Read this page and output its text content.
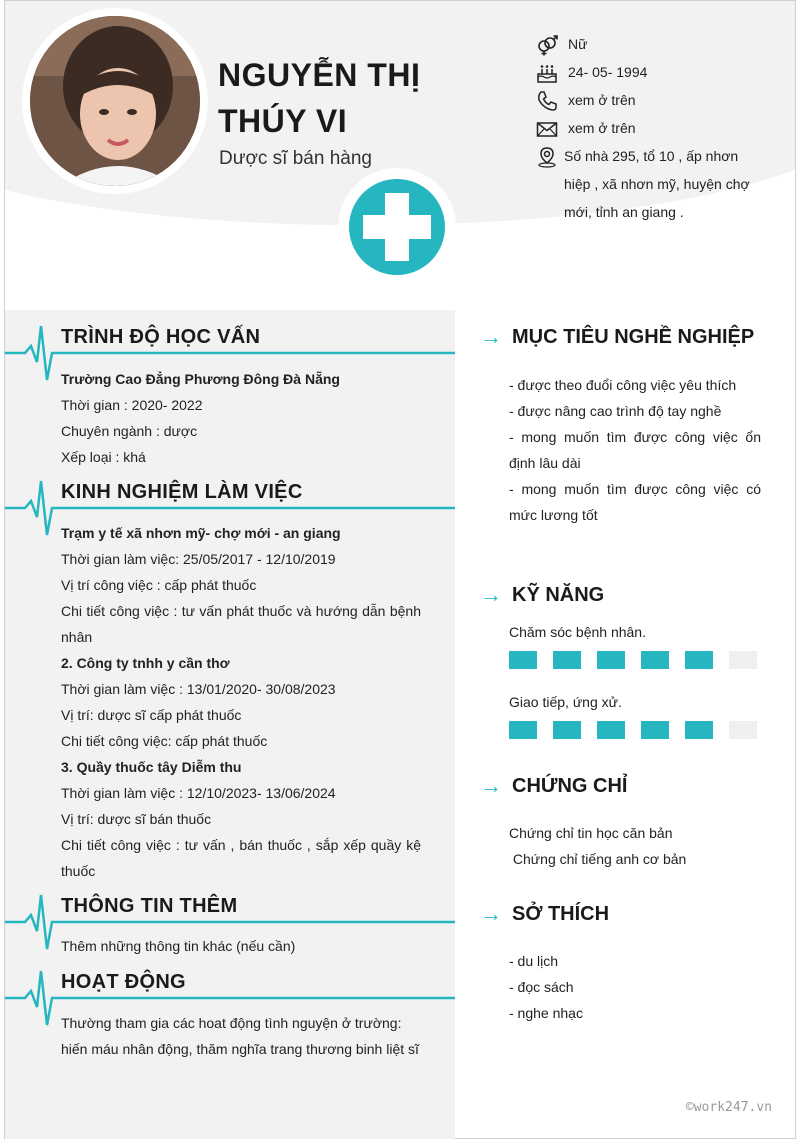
NGUYỄN THỊ THÚY VI
Dược sĩ bán hàng
Nữ
24- 05- 1994
xem ở trên
xem ở trên
Số nhà 295, tổ 10 , ấp nhơn hiệp , xã nhơn mỹ, huyện chợ mới, tỉnh an giang .
TRÌNH ĐỘ HỌC VẤN
Trường Cao Đẳng Phương Đông Đà Nẵng
Thời gian : 2020- 2022
Chuyên ngành : dược
Xếp loại : khá
KINH NGHIỆM LÀM VIỆC
Trạm y tế xã nhơn mỹ- chợ mới - an giang
Thời gian làm việc: 25/05/2017 - 12/10/2019
Vị trí công việc : cấp phát thuốc
Chi tiết công việc : tư vấn phát thuốc và hướng dẫn bệnh nhân
2. Công ty tnhh y cần thơ
Thời gian làm việc : 13/01/2020- 30/08/2023
Vị trí: dược sĩ cấp phát thuốc
Chi tiết công việc: cấp phát thuốc
3. Quầy thuốc tây Diễm thu
Thời gian làm việc : 12/10/2023- 13/06/2024
Vị trí: dược sĩ bán thuốc
Chi tiết công việc : tư vấn , bán thuốc , sắp xếp quầy kệ thuốc
THÔNG TIN THÊM
Thêm những thông tin khác (nếu cần)
HOẠT ĐỘNG
Thường tham gia các hoat động tình nguyện ở trường: hiến máu nhân động, thăm nghĩa trang thương binh liệt sĩ
→ MỤC TIÊU NGHỀ NGHIỆP
- được theo đuổi công việc yêu thích
- được nâng cao trình độ tay nghề
- mong muốn tìm được công việc ổn định lâu dài
- mong muốn tìm được công việc có mức lương tốt
→ KỸ NĂNG
Chăm sóc bệnh nhân.
Giao tiếp, ứng xử.
→ CHỨNG CHỈ
Chứng chỉ tin học căn bản
Chứng chỉ tiếng anh cơ bản
→ SỞ THÍCH
- du lịch
- đọc sách
- nghe nhạc
©work247.vn
